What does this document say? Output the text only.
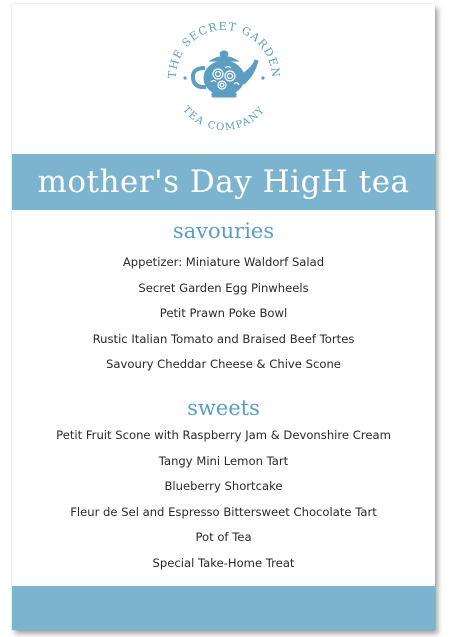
THE SECRET GARDEN
TEA COMPANY
mother's Day HigH tea
savouries
Appetizer: Miniature Waldorf Salad
Secret Garden Egg Pinwheels
Petit Prawn Poke Bowl
Rustic Italian Tomato and Braised Beef Tortes
Savoury Cheddar Cheese & Chive Scone
sweets
Petit Fruit Scone with Raspberry Jam & Devonshire Cream
Tangy Mini Lemon Tart
Blueberry Shortcake
Fleur de Sel and Espresso Bittersweet Chocolate Tart
Pot of Tea
Special Take-Home Treat
